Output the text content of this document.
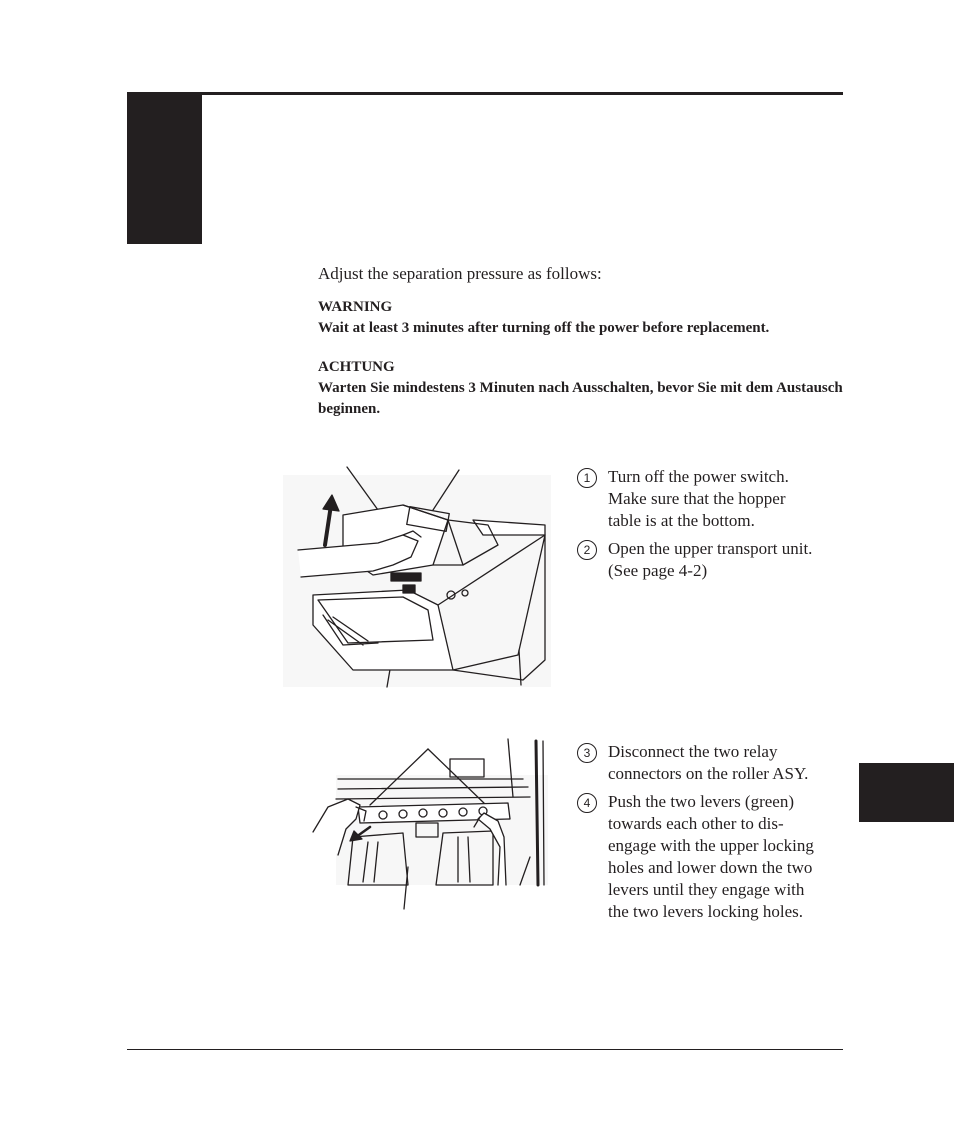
Adjust the separation pressure as follows:

WARNING
Wait at least 3 minutes after turning off the power before replacement.
ACHTUNG
Warten Sie mindestens 3 Minuten nach Ausschalten, bevor Sie mit dem Austausch beginnen.
1	Turn off the power switch.
Make sure that the hopper
table is at the bottom.
2	Open the upper transport unit.
(See page 4-2)
3	Disconnect the two relay
connectors on the roller ASY.
4	Push the two levers (green)
towards each other to dis-
engage with the upper locking
holes and lower down the two
levers until they engage with
the two levers locking holes.
